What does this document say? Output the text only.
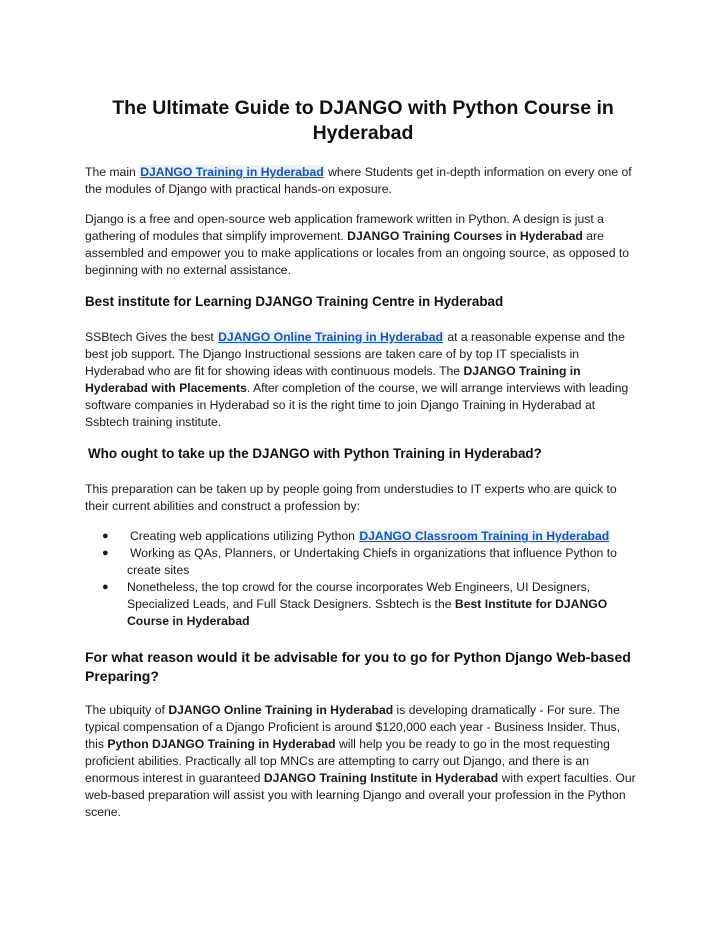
The Ultimate Guide to DJANGO with Python Course in Hyderabad

The main DJANGO Training in Hyderabad where Students get in-depth information on every one of the modules of Django with practical hands-on exposure.

Django is a free and open-source web application framework written in Python. A design is just a gathering of modules that simplify improvement. DJANGO Training Courses in Hyderabad are assembled and empower you to make applications or locales from an ongoing source, as opposed to beginning with no external assistance.

Best institute for Learning DJANGO Training Centre in Hyderabad

SSBtech Gives the best DJANGO Online Training in Hyderabad at a reasonable expense and the best job support. The Django Instructional sessions are taken care of by top IT specialists in Hyderabad who are fit for showing ideas with continuous models. The DJANGO Training in Hyderabad with Placements. After completion of the course, we will arrange interviews with leading software companies in Hyderabad so it is the right time to join Django Training in Hyderabad at Ssbtech training institute.

Who ought to take up the DJANGO with Python Training in Hyderabad?

This preparation can be taken up by people going from understudies to IT experts who are quick to their current abilities and construct a profession by:

● Creating web applications utilizing Python DJANGO Classroom Training in Hyderabad
● Working as QAs, Planners, or Undertaking Chiefs in organizations that influence Python to create sites
● Nonetheless, the top crowd for the course incorporates Web Engineers, UI Designers, Specialized Leads, and Full Stack Designers. Ssbtech is the Best Institute for DJANGO Course in Hyderabad
For what reason would it be advisable for you to go for Python Django Web-based Preparing?

The ubiquity of DJANGO Online Training in Hyderabad is developing dramatically - For sure. The typical compensation of a Django Proficient is around $120,000 each year - Business Insider. Thus, this Python DJANGO Training in Hyderabad will help you be ready to go in the most requesting proficient abilities. Practically all top MNCs are attempting to carry out Django, and there is an enormous interest in guaranteed DJANGO Training Institute in Hyderabad with expert faculties. Our web-based preparation will assist you with learning Django and overall your profession in the Python scene.
